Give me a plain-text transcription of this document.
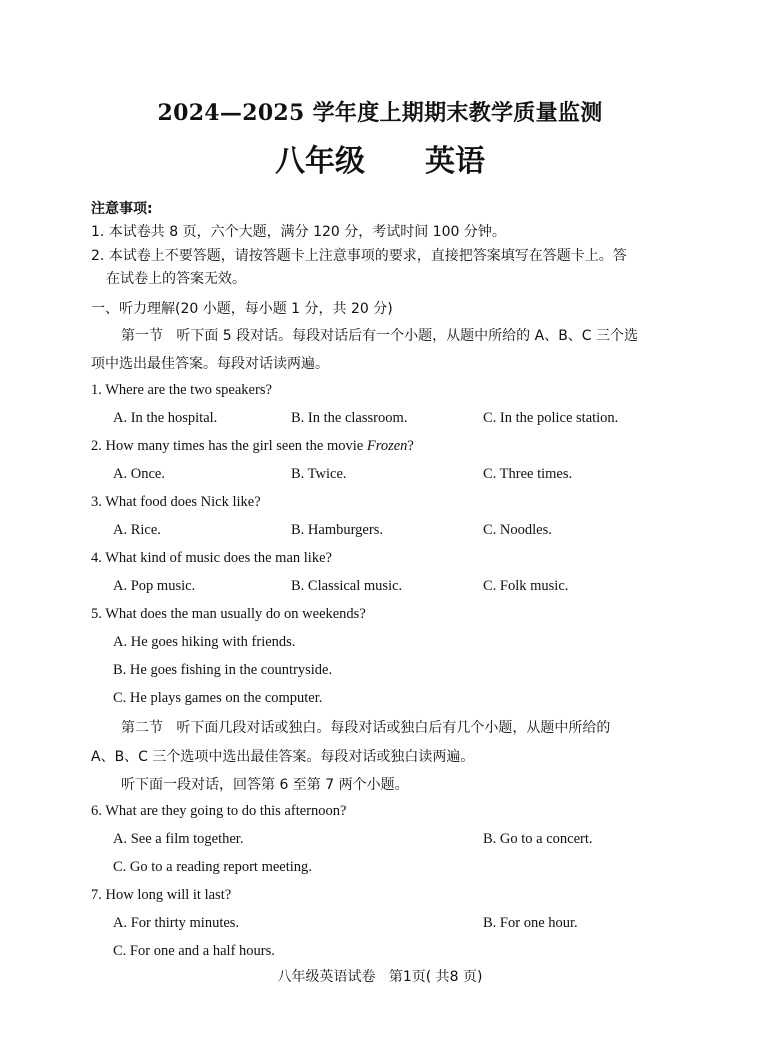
2024—2025 学年度上期期末教学质量监测
八年级 英语
注意事项:
1. 本试卷共 8 页，六个大题，满分 120 分，考试时间 100 分钟。
2. 本试卷上不要答题，请按答题卡上注意事项的要求，直接把答案填写在答题卡上。答
在试卷上的答案无效。
一、听力理解(20 小题，每小题 1 分，共 20 分)
第一节 听下面 5 段对话。每段对话后有一个小题，从题中所给的 A、B、C 三个选
项中选出最佳答案。每段对话读两遍。
1. Where are the two speakers?
A. In the hospital.	B. In the classroom.	C. In the police station.
2. How many times has the girl seen the movie Frozen?
A. Once.	B. Twice.	C. Three times.
3. What food does Nick like?
A. Rice.	B. Hamburgers.	C. Noodles.
4. What kind of music does the man like?
A. Pop music.	B. Classical music.	C. Folk music.
5. What does the man usually do on weekends?
A. He goes hiking with friends.
B. He goes fishing in the countryside.
C. He plays games on the computer.
第二节 听下面几段对话或独白。每段对话或独白后有几个小题，从题中所给的
A、B、C 三个选项中选出最佳答案。每段对话或独白读两遍。
听下面一段对话，回答第 6 至第 7 两个小题。
6. What are they going to do this afternoon?
A. See a film together.	B. Go to a concert.
C. Go to a reading report meeting.
7. How long will it last?
A. For thirty minutes.	B. For one hour.
C. For one and a half hours.
八年级英语试卷   第1页( 共8 页)
